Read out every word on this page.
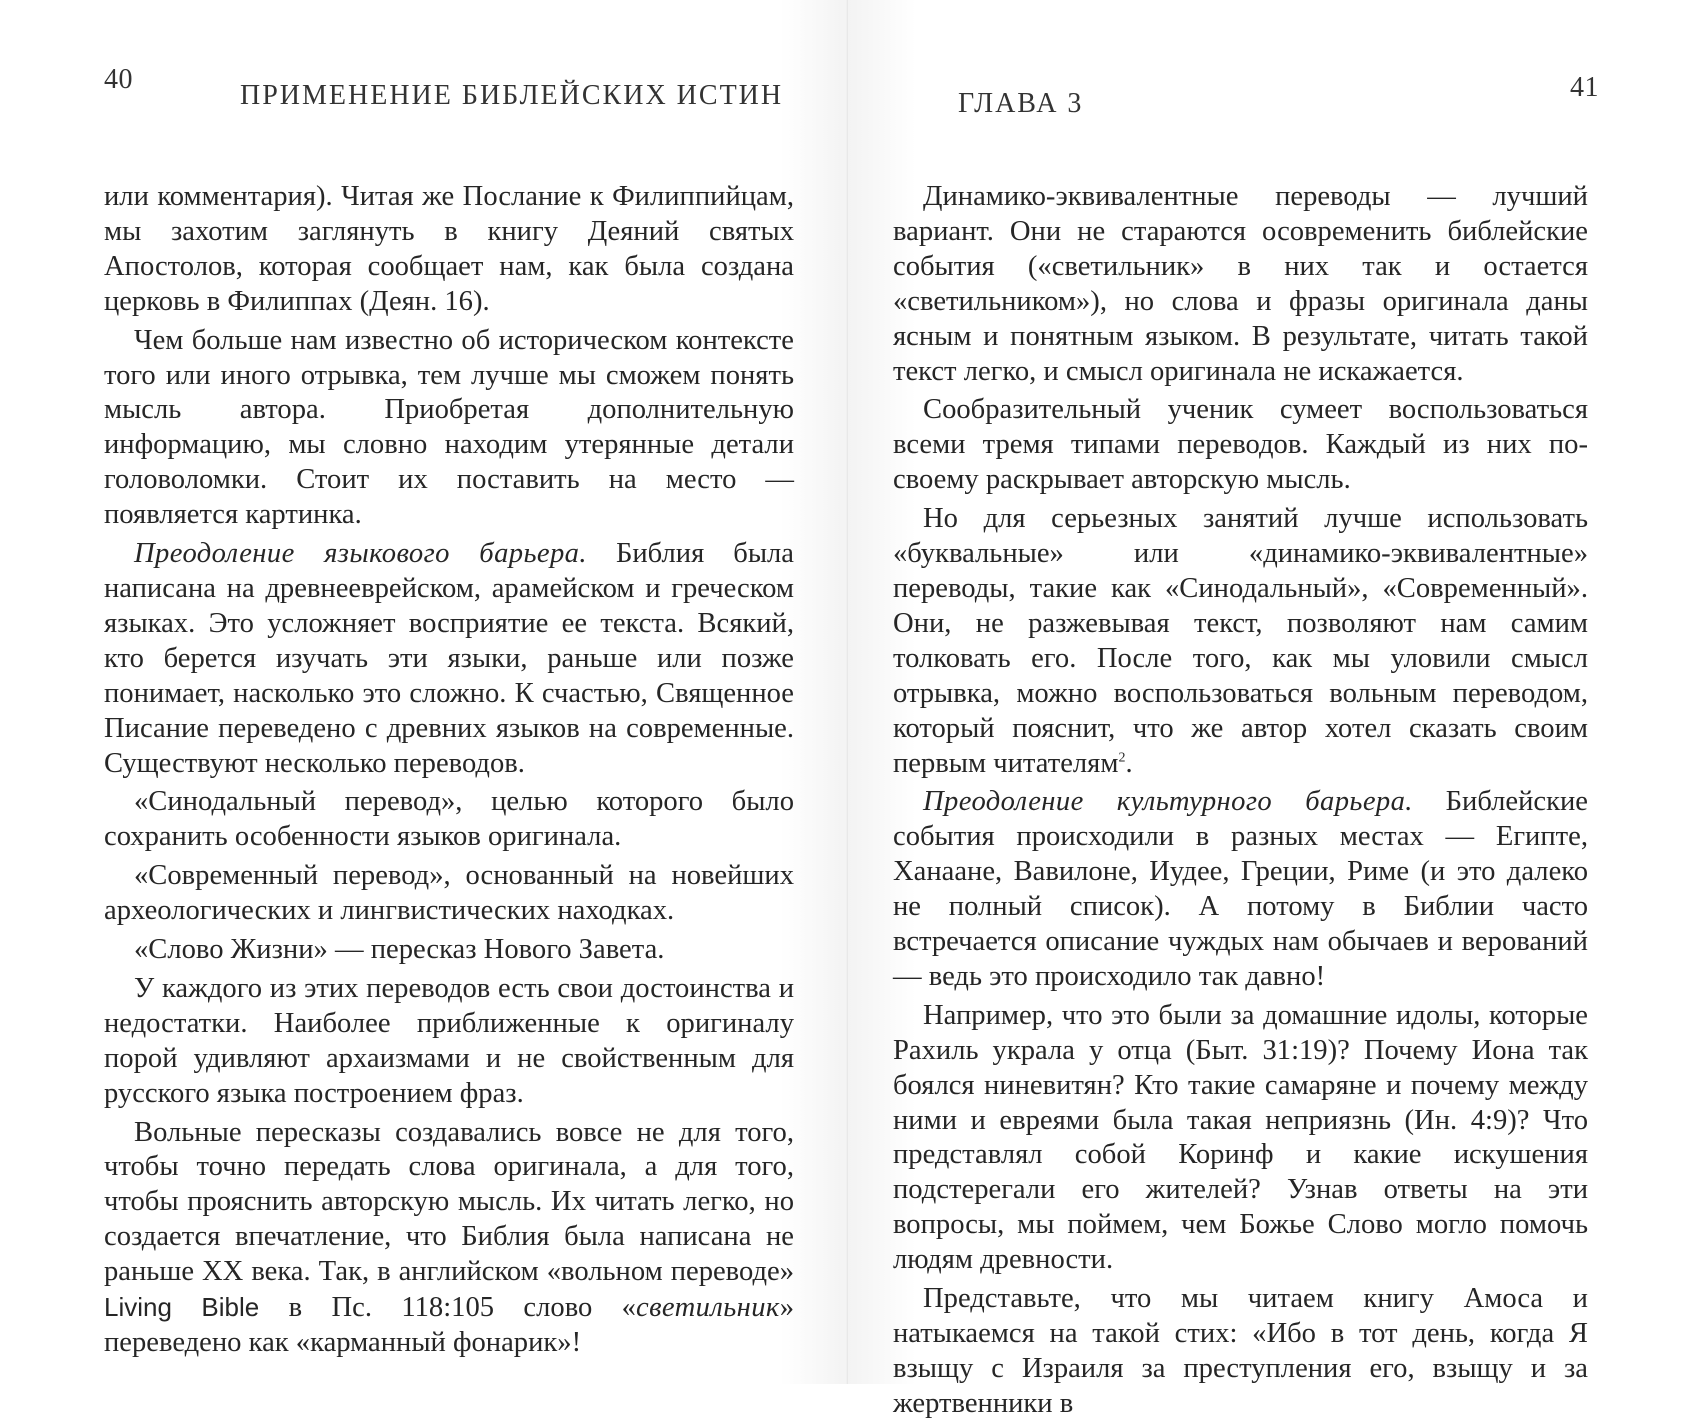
40
ПРИМЕНЕНИЕ БИБЛЕЙСКИХ ИСТИН

или комментария). Читая же Послание к Филиппийцам, мы захотим заглянуть в книгу Деяний святых Апостолов, которая сообщает нам, как была создана церковь в Филиппах (Деян. 16).

Чем больше нам известно об историческом контексте того или иного отрывка, тем лучше мы сможем понять мысль автора. Приобретая дополнительную информацию, мы словно находим утерянные детали головоломки. Стоит их поставить на место — появляется картинка.

Преодоление языкового барьера. Библия была написана на древнееврейском, арамейском и греческом языках. Это усложняет восприятие ее текста. Всякий, кто берется изучать эти языки, раньше или позже понимает, насколько это сложно. К счастью, Священное Писание переведено с древних языков на современные. Существуют несколько переводов.

«Синодальный перевод», целью которого было сохранить особенности языков оригинала.

«Современный перевод», основанный на новейших археологических и лингвистических находках.

«Слово Жизни» — пересказ Нового Завета.

У каждого из этих переводов есть свои достоинства и недостатки. Наиболее приближенные к оригиналу порой удивляют архаизмами и не свойственным для русского языка построением фраз.

Вольные пересказы создавались вовсе не для того, чтобы точно передать слова оригинала, а для того, чтобы прояснить авторскую мысль. Их читать легко, но создается впечатление, что Библия была написана не раньше XX века. Так, в английском «вольном переводе» Living Bible в Пс. 118:105 слово «светильник» переведено как «карманный фонарик»!

ГЛАВА 3
41

Динамико-эквивалентные переводы — лучший вариант. Они не стараются осовременить библейские события («светильник» в них так и остается «светильником»), но слова и фразы оригинала даны ясным и понятным языком. В результате, читать такой текст легко, и смысл оригинала не искажается.

Сообразительный ученик сумеет воспользоваться всеми тремя типами переводов. Каждый из них по-своему раскрывает авторскую мысль.

Но для серьезных занятий лучше использовать «буквальные» или «динамико-эквивалентные» переводы, такие как «Синодальный», «Современный». Они, не разжевывая текст, позволяют нам самим толковать его. После того, как мы уловили смысл отрывка, можно воспользоваться вольным переводом, который пояснит, что же автор хотел сказать своим первым читателям$^2$.

Преодоление культурного барьера. Библейские события происходили в разных местах — Египте, Ханаане, Вавилоне, Иудее, Греции, Риме (и это далеко не полный список). А потому в Библии часто встречается описание чуждых нам обычаев и верований — ведь это происходило так давно!

Например, что это были за домашние идолы, которые Рахиль украла у отца (Быт. 31:19)? Почему Иона так боялся ниневитян? Кто такие самаряне и почему между ними и евреями была такая неприязнь (Ин. 4:9)? Что представлял собой Коринф и какие искушения подстерегали его жителей? Узнав ответы на эти вопросы, мы поймем, чем Божье Слово могло помочь людям древности.

Представьте, что мы читаем книгу Амоса и натыкаемся на такой стих: «Ибо в тот день, когда Я взыщу с Израиля за преступления его, взыщу и за жертвенники в
